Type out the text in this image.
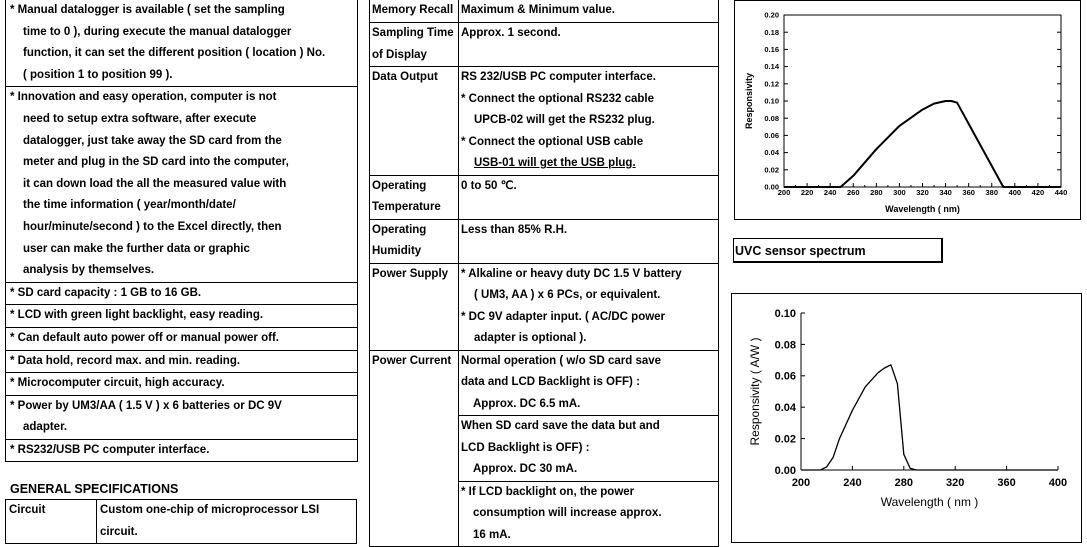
* Manual datalogger is available ( set the sampling
time to 0 ), during execute the manual datalogger
function, it can set the different position ( location ) No.
( position 1 to position 99 ).
* Innovation and easy operation, computer is not
need to setup extra software, after execute
datalogger, just take away the SD card from the
meter and plug in the SD card into the computer,
it can down load the all the measured value with
the time information ( year/month/date/
hour/minute/second ) to the Excel directly, then
user can make the further data or graphic
analysis by themselves.
* SD card capacity : 1 GB to 16 GB.
* LCD with green light backlight, easy reading.
* Can default auto power off or manual power off.
* Data hold, record max. and min. reading.
* Microcomputer circuit, high accuracy.
* Power by UM3/AA ( 1.5 V ) x 6 batteries or DC 9V
adapter.
* RS232/USB PC computer interface.
GENERAL SPECIFICATIONS
Circuit	Custom one-chip of microprocessor LSI
circuit.
Memory Recall	Maximum & Minimum value.

Sampling Time
of Display	Approx. 1 second.
Data Output	RS 232/USB PC computer interface.
* Connect the optional RS232 cable
UPCB-02 will get the RS232 plug.
* Connect the optional USB cable
USB-01 will get the USB plug.

Operating
Temperature	0 to 50 ℃.

Operating
Humidity	Less than 85% R.H.
Power Supply	* Alkaline or heavy duty DC 1.5 V battery
( UM3, AA ) x 6 PCs, or equivalent.
* DC 9V adapter input. ( AC/DC power
adapter is optional ).

Power Current	Normal operation ( w/o SD card save
data and LCD Backlight is OFF) :
Approx. DC 6.5 mA.

	When SD card save the data but and
LCD Backlight is OFF) :
Approx. DC 30 mA.

	* If LCD backlight on, the power
consumption will increase approx.
16 mA.
200 220 240 260 280 300 320 340 360 380 400 420 440
0.00
0.02
0.04
0.06
0.08
0.10
0.12
0.14
0.16
0.18
0.20
Wavelength ( nm)
Responsivity
UVC sensor spectrum
200	240	280	320	360	400
0.00
0.02
0.04
0.06
0.08
0.10
Wavelength ( nm )
Responsivity ( A/W )
